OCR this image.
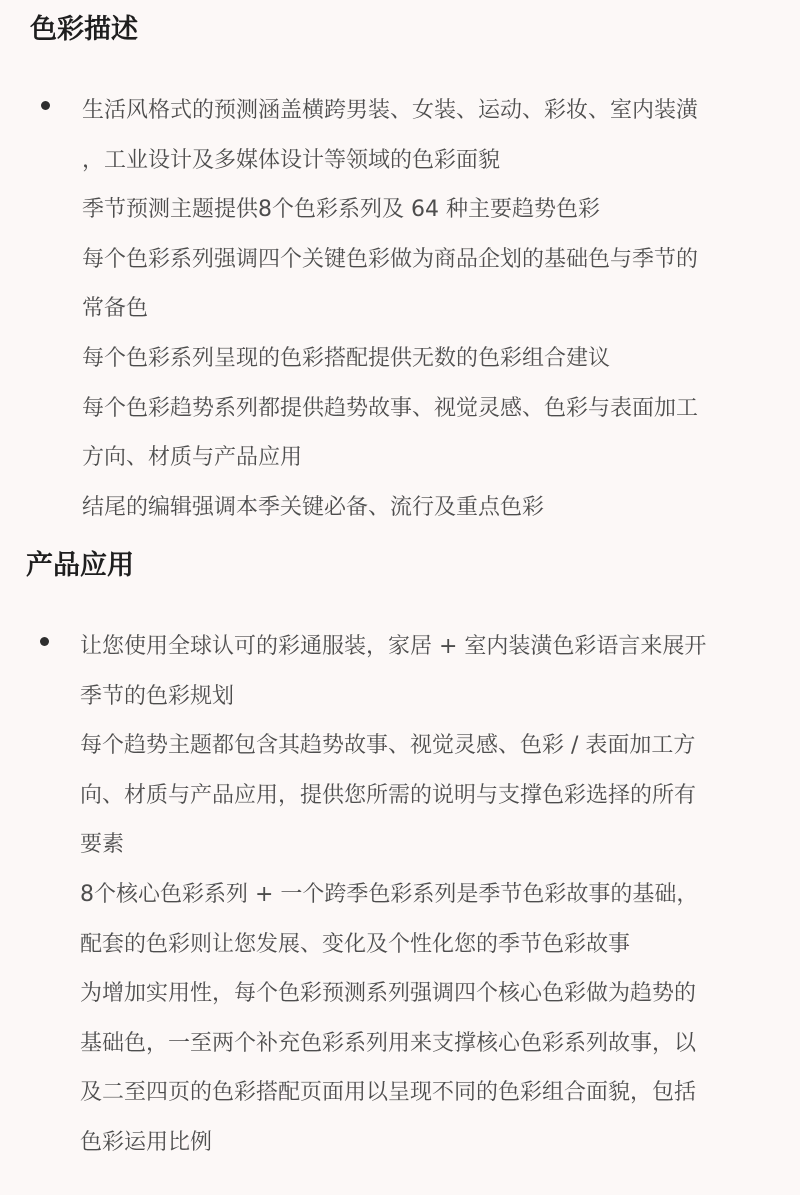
色彩描述
生活风格式的预测涵盖横跨男装、女装、运动、彩妆、室内装潢
，工业设计及多媒体设计等领域的色彩面貌
季节预测主题提供8个色彩系列及 64 种主要趋势色彩
每个色彩系列强调四个关键色彩做为商品企划的基础色与季节的
常备色
每个色彩系列呈现的色彩搭配提供无数的色彩组合建议
每个色彩趋势系列都提供趋势故事、视觉灵感、色彩与表面加工
方向、材质与产品应用
结尾的编辑强调本季关键必备、流行及重点色彩
产品应用
让您使用全球认可的彩通服装，家居 + 室内装潢色彩语言来展开
季节的色彩规划
每个趋势主题都包含其趋势故事、视觉灵感、色彩 / 表面加工方
向、材质与产品应用，提供您所需的说明与支撑色彩选择的所有
要素
8个核心色彩系列 + 一个跨季色彩系列是季节色彩故事的基础，
配套的色彩则让您发展、变化及个性化您的季节色彩故事
为增加实用性，每个色彩预测系列强调四个核心色彩做为趋势的
基础色，一至两个补充色彩系列用来支撑核心色彩系列故事，以
及二至四页的色彩搭配页面用以呈现不同的色彩组合面貌，包括
色彩运用比例
